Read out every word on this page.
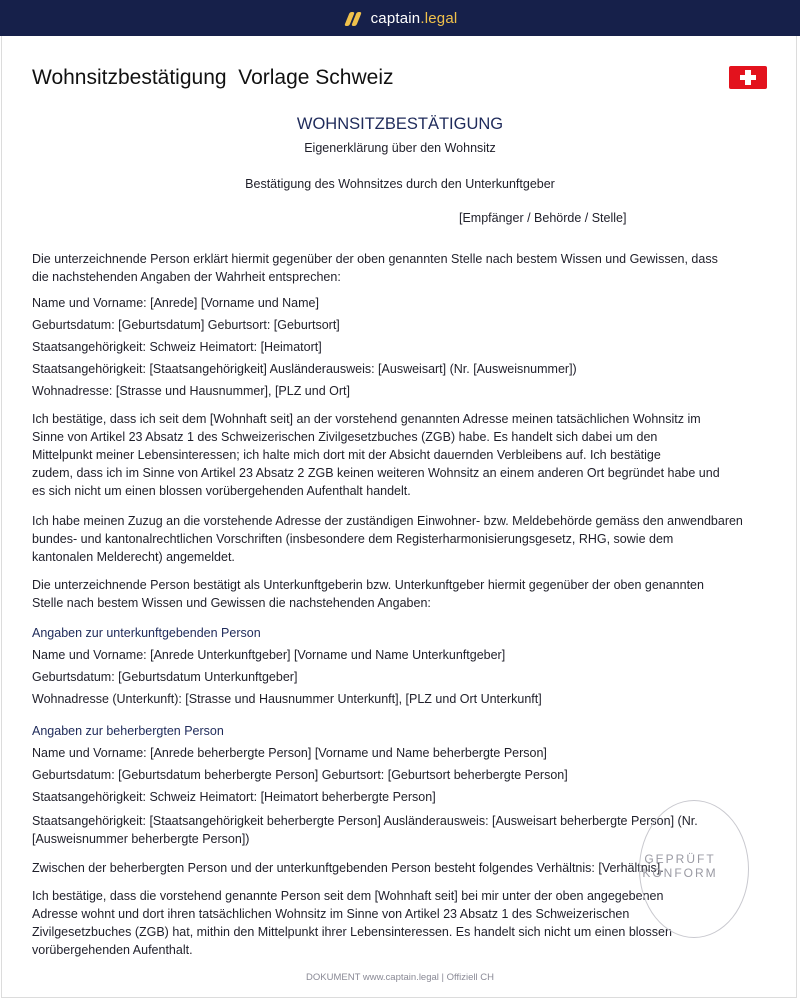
captain.legal
Wohnsitzbestätigung  Vorlage Schweiz

WOHNSITZBESTÄTIGUNG

Eigenerklärung über den Wohnsitz

Bestätigung des Wohnsitzes durch den Unterkunftgeber

[Empfänger / Behörde / Stelle]

Die unterzeichnende Person erklärt hiermit gegenüber der oben genannten Stelle nach bestem Wissen und Gewissen, dass
die nachstehenden Angaben der Wahrheit entsprechen:

Name und Vorname: [Anrede] [Vorname und Name]

Geburtsdatum: [Geburtsdatum] Geburtsort: [Geburtsort]

Staatsangehörigkeit: Schweiz Heimatort: [Heimatort]

Staatsangehörigkeit: [Staatsangehörigkeit] Ausländerausweis: [Ausweisart] (Nr. [Ausweisnummer])

Wohnadresse: [Strasse und Hausnummer], [PLZ und Ort]

Ich bestätige, dass ich seit dem [Wohnhaft seit] an der vorstehend genannten Adresse meinen tatsächlichen Wohnsitz im
Sinne von Artikel 23 Absatz 1 des Schweizerischen Zivilgesetzbuches (ZGB) habe. Es handelt sich dabei um den
Mittelpunkt meiner Lebensinteressen; ich halte mich dort mit der Absicht dauernden Verbleibens auf. Ich bestätige
zudem, dass ich im Sinne von Artikel 23 Absatz 2 ZGB keinen weiteren Wohnsitz an einem anderen Ort begründet habe und
es sich nicht um einen blossen vorübergehenden Aufenthalt handelt.
Ich habe meinen Zuzug an die vorstehende Adresse der zuständigen Einwohner- bzw. Meldebehörde gemäss den anwendbaren
bundes- und kantonalrechtlichen Vorschriften (insbesondere dem Registerharmonisierungsgesetz, RHG, sowie dem
kantonalen Melderecht) angemeldet.
Die unterzeichnende Person bestätigt als Unterkunftgeberin bzw. Unterkunftgeber hiermit gegenüber der oben genannten
Stelle nach bestem Wissen und Gewissen die nachstehenden Angaben:

Angaben zur unterkunftgebenden Person

Name und Vorname: [Anrede Unterkunftgeber] [Vorname und Name Unterkunftgeber]

Geburtsdatum: [Geburtsdatum Unterkunftgeber]

Wohnadresse (Unterkunft): [Strasse und Hausnummer Unterkunft], [PLZ und Ort Unterkunft]

Angaben zur beherbergten Person

Name und Vorname: [Anrede beherbergte Person] [Vorname und Name beherbergte Person]

Geburtsdatum: [Geburtsdatum beherbergte Person] Geburtsort: [Geburtsort beherbergte Person]

Staatsangehörigkeit: Schweiz Heimatort: [Heimatort beherbergte Person]

Staatsangehörigkeit: [Staatsangehörigkeit beherbergte Person] Ausländerausweis: [Ausweisart beherbergte Person] (Nr.
[Ausweisnummer beherbergte Person])
Zwischen der beherbergten Person und der unterkunftgebenden Person besteht folgendes Verhältnis: [Verhältnis].
Ich bestätige, dass die vorstehend genannte Person seit dem [Wohnhaft seit] bei mir unter der oben angegebenen
Adresse wohnt und dort ihren tatsächlichen Wohnsitz im Sinne von Artikel 23 Absatz 1 des Schweizerischen
Zivilgesetzbuches (ZGB) hat, mithin den Mittelpunkt ihrer Lebensinteressen. Es handelt sich nicht um einen blossen
vorübergehenden Aufenthalt.
GEPRÜFT
KONFORM
DOKUMENT www.captain.legal | Offiziell CH
